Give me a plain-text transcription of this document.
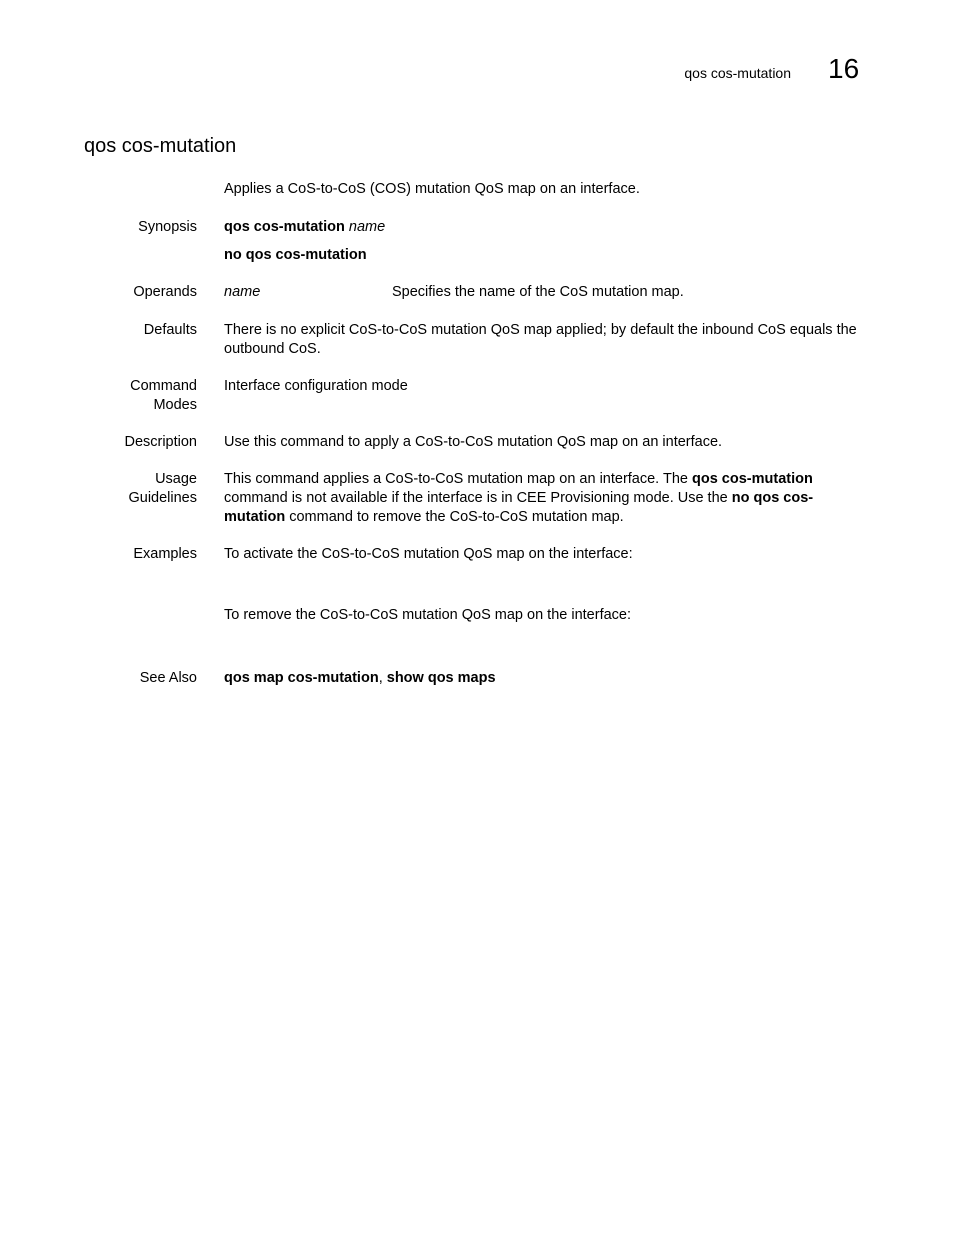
qos cos-mutation 16
qos cos-mutation
Applies a CoS-to-CoS (COS) mutation QoS map on an interface.
Synopsis qos cos-mutation name
no qos cos-mutation
Operands name	Specifies the name of the CoS mutation map.
Defaults There is no explicit CoS-to-CoS mutation QoS map applied; by default the inbound CoS equals the outbound CoS.
Command
Modes
Interface configuration mode
Description Use this command to apply a CoS-to-CoS mutation QoS map on an interface.
Usage
Guidelines
This command applies a CoS-to-CoS mutation map on an interface. The qos cos-mutation command is not available if the interface is in CEE Provisioning mode. Use the no qos cos-mutation command to remove the CoS-to-CoS mutation map.
Examples To activate the CoS-to-CoS mutation QoS map on the interface:
To remove the CoS-to-CoS mutation QoS map on the interface:
See Also qos map cos-mutation, show qos maps
